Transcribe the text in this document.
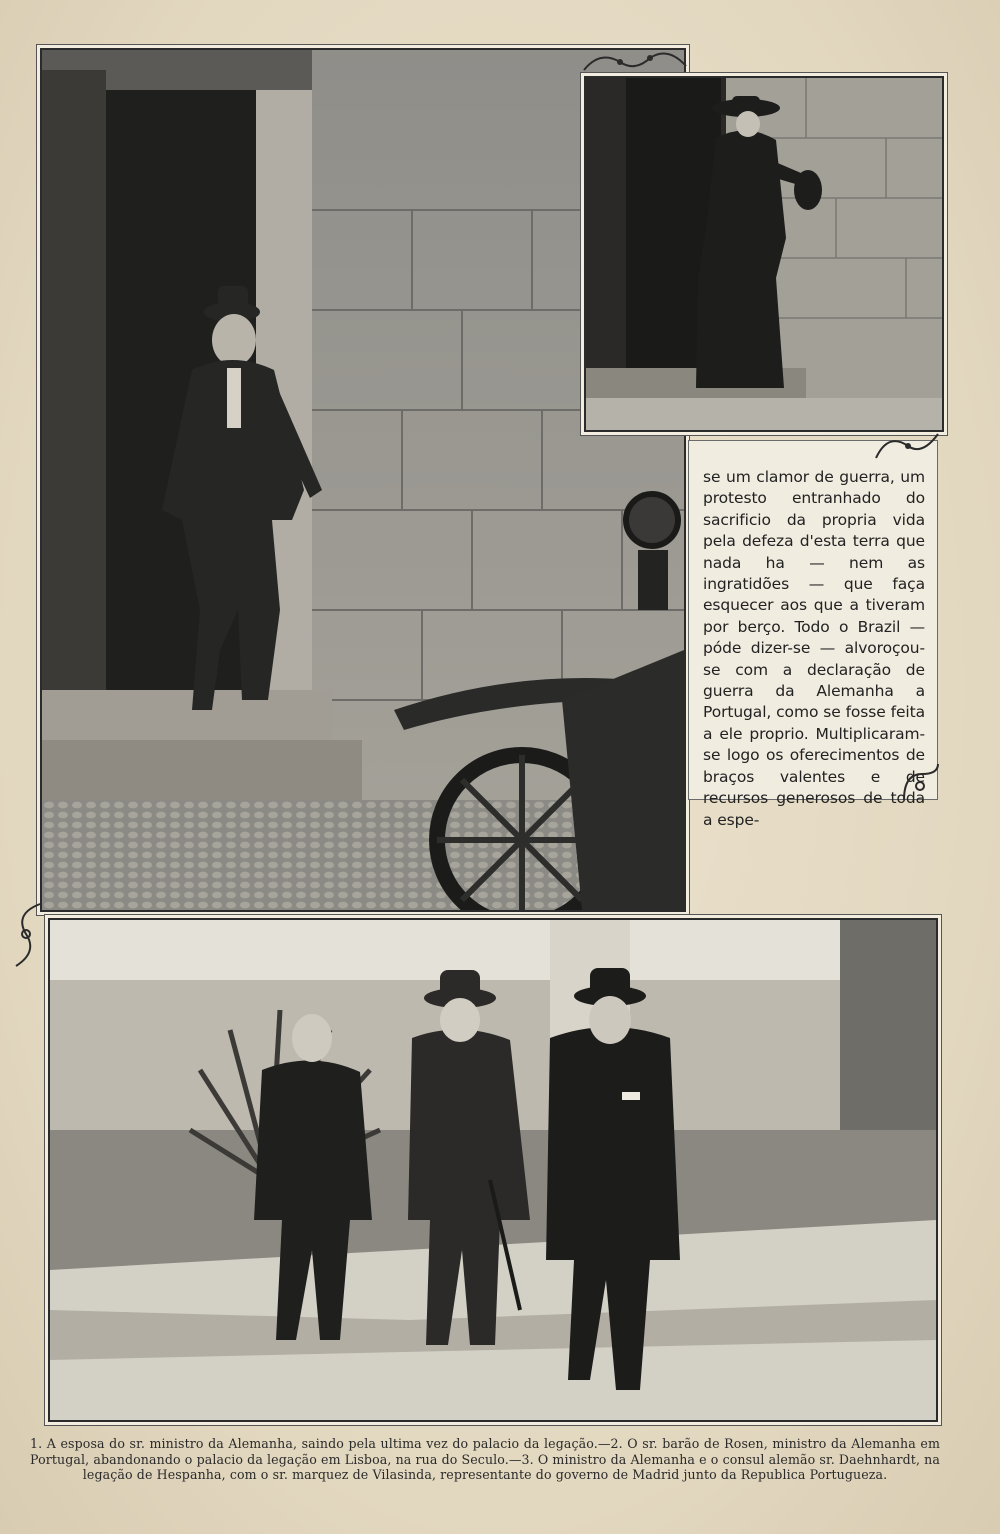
se um clamor de guerra, um protesto entranhado do sacrificio da propria vida pela defeza d'esta terra que nada ha — nem as ingratidões — que faça esquecer aos que a tiveram por berço. Todo o Brazil — póde dizer-se — alvoroçou-se com a declaração de guerra da Alemanha a Portugal, como se fosse feita a ele proprio. Multiplicaram-se logo os oferecimentos de braços valentes e de recursos generosos de toda a espe-

1. A esposa do sr. ministro da Alemanha, saindo pela ultima vez do palacio da legação.—2. O sr. barão de Rosen, ministro da Alemanha em Portugal, abandonando o palacio da legação em Lisboa, na rua do Seculo.—3. O ministro da Alemanha e o consul alemão sr. Daehnhardt, na legação de Hespanha, com o sr. marquez de Vilasinda, representante do governo de Madrid junto da Republica Portugueza.
